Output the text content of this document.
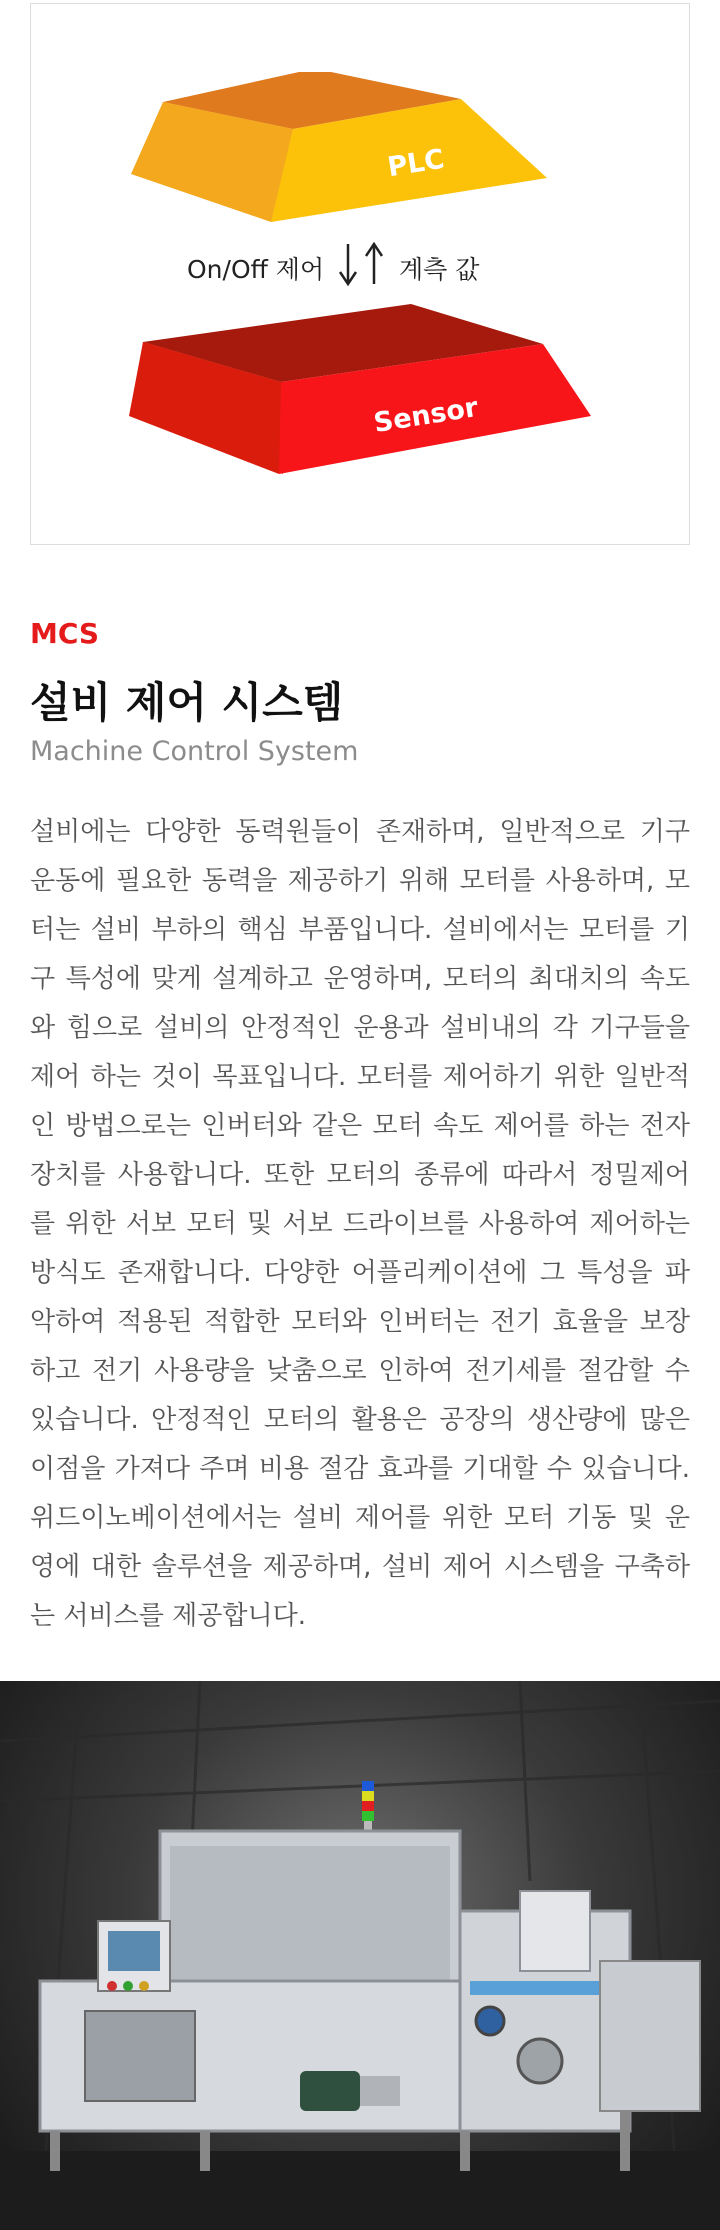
PLC
Sensor
On/Off 제어	계측 값
MCS
설비 제어 시스템
Machine Control System

설비에는 다양한 동력원들이 존재하며, 일반적으로 기구 운동에 필요한 동력을 제공하기 위해 모터를 사용하며, 모터는 설비 부하의 핵심 부품입니다. 설비에서는 모터를 기구 특성에 맞게 설계하고 운영하며, 모터의 최대치의 속도와 힘으로 설비의 안정적인 운용과 설비내의 각 기구들을 제어 하는 것이 목표입니다. 모터를 제어하기 위한 일반적인 방법으로는 인버터와 같은 모터 속도 제어를 하는 전자 장치를 사용합니다. 또한 모터의 종류에 따라서 정밀제어를 위한 서보 모터 및 서보 드라이브를 사용하여 제어하는 방식도 존재합니다. 다양한 어플리케이션에 그 특성을 파악하여 적용된 적합한 모터와 인버터는 전기 효율을 보장하고 전기 사용량을 낮춤으로 인하여 전기세를 절감할 수 있습니다. 안정적인 모터의 활용은 공장의 생산량에 많은 이점을 가져다 주며 비용 절감 효과를 기대할 수 있습니다. 위드이노베이션에서는 설비 제어를 위한 모터 기동 및 운영에 대한 솔루션을 제공하며, 설비 제어 시스템을 구축하는 서비스를 제공합니다.
